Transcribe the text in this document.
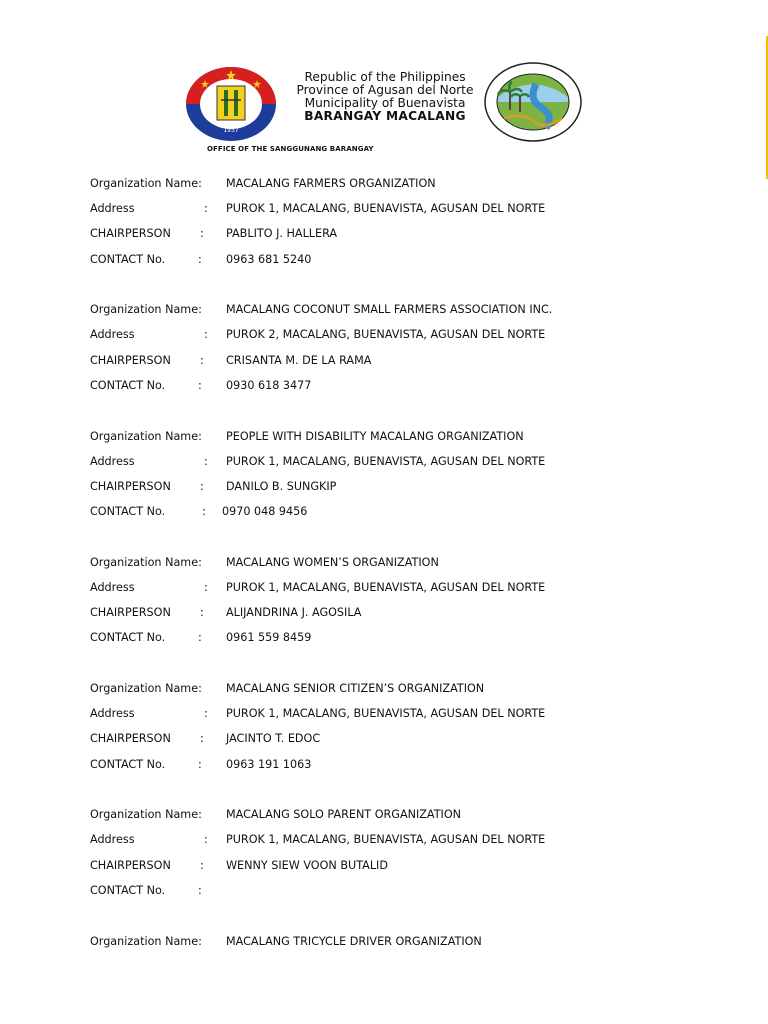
1937
Republic of the Philippines
Province of Agusan del Norte
Municipality of Buenavista
BARANGAY MACALANG
OFFICE OF THE SANGGUNANG BARANGAY
Organization Name: MACALANG FARMERS ORGANIZATION
Address	: PUROK 1, MACALANG, BUENAVISTA, AGUSAN DEL NORTE
CHAIRPERSON	: PABLITO J. HALLERA
CONTACT No.	: 0963 681 5240
Organization Name: MACALANG COCONUT SMALL FARMERS ASSOCIATION INC.
Address	: PUROK 2, MACALANG, BUENAVISTA, AGUSAN DEL NORTE
CHAIRPERSON	: CRISANTA M. DE LA RAMA
CONTACT No.	: 0930 618 3477
Organization Name: PEOPLE WITH DISABILITY MACALANG ORGANIZATION
Address	: PUROK 1, MACALANG, BUENAVISTA, AGUSAN DEL NORTE
CHAIRPERSON	: DANILO B. SUNGKIP
CONTACT No.	: 0970 048 9456
Organization Name: MACALANG WOMEN’S ORGANIZATION
Address	: PUROK 1, MACALANG, BUENAVISTA, AGUSAN DEL NORTE
CHAIRPERSON	: ALIJANDRINA J. AGOSILA
CONTACT No.	: 0961 559 8459
Organization Name: MACALANG SENIOR CITIZEN’S ORGANIZATION
Address	: PUROK 1, MACALANG, BUENAVISTA, AGUSAN DEL NORTE
CHAIRPERSON	: JACINTO T. EDOC
CONTACT No.	: 0963 191 1063
Organization Name: MACALANG SOLO PARENT ORGANIZATION
Address	: PUROK 1, MACALANG, BUENAVISTA, AGUSAN DEL NORTE
CHAIRPERSON	: WENNY SIEW VOON BUTALID
CONTACT No.	:
Organization Name: MACALANG TRICYCLE DRIVER ORGANIZATION
